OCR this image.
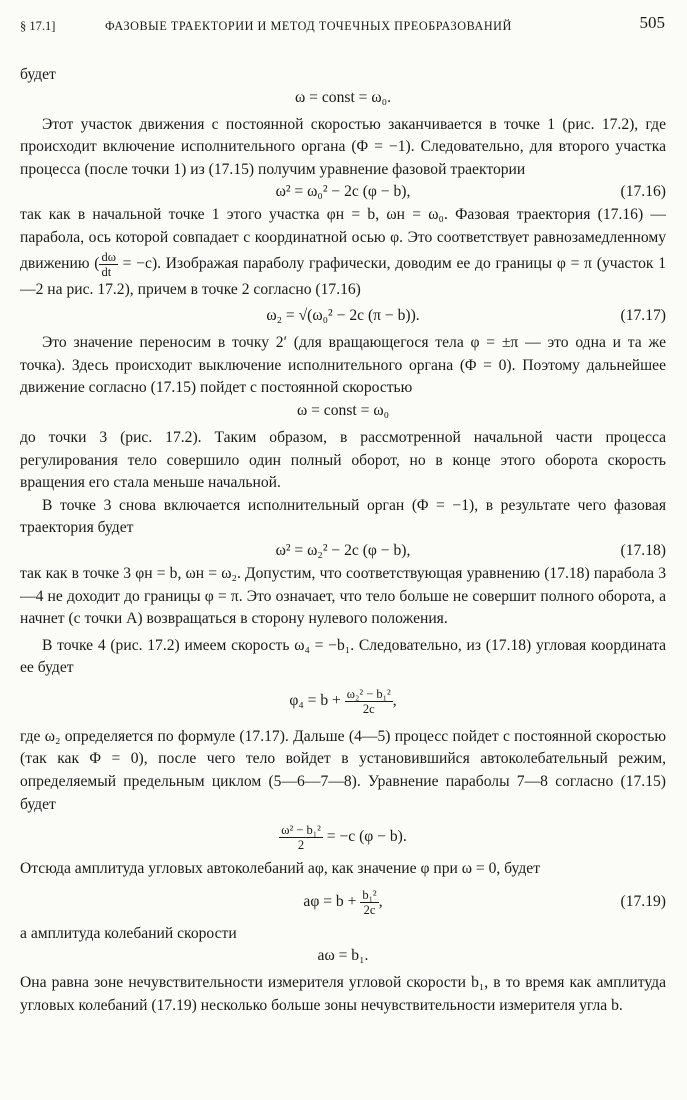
§ 17.1]	ФАЗОВЫЕ ТРАЕКТОРИИ И МЕТОД ТОЧЕЧНЫХ ПРЕОБРАЗОВАНИЙ	505

будет

ω = const = ω₀.

Этот участок движения с постоянной скоростью заканчивается в точке 1 (рис. 17.2), где происходит включение исполнительного органа (Φ = −1). Следовательно, для второго участка процесса (после точки 1) из (17.15) получим уравнение фазовой траектории

ω² = ω₀² − 2c (φ − b),	(17.16)

так как в начальной точке 1 этого участка φн = b, ωн = ω₀. Фазовая траектория (17.16) — парабола, ось которой совпадает с координатной осью φ. Это соответствует равнозамедленному движению ( $\frac{d\omega}{dt} = -c$). Изображая параболу графически, доводим ее до границы φ = π (участок 1—2 на рис. 17.2), причем в точке 2 согласно (17.16)

ω₂ = √(ω₀² − 2c (π − b)).	(17.17)

Это значение переносим в точку 2′ (для вращающегося тела φ = ±π — это одна и та же точка). Здесь происходит выключение исполнительного органа (Φ = 0). Поэтому дальнейшее движение согласно (17.15) пойдет с постоянной скоростью

ω = const = ω₀

до точки 3 (рис. 17.2). Таким образом, в рассмотренной начальной части процесса регулирования тело совершило один полный оборот, но в конце этого оборота скорость вращения его стала меньше начальной.

В точке 3 снова включается исполнительный орган (Φ = −1), в результате чего фазовая траектория будет

ω² = ω₂² − 2c (φ − b),	(17.18)

так как в точке 3 φн = b, ωн = ω₂. Допустим, что соответствующая уравнению (17.18) парабола 3—4 не доходит до границы φ = π. Это означает, что тело больше не совершит полного оборота, а начнет (с точки A) возвращаться в сторону нулевого положения.

В точке 4 (рис. 17.2) имеем скорость ω₄ = −b₁. Следовательно, из (17.18) угловая координата ее будет

$\varphi_4 = b + \frac{\text{ω₂² − b₁²}}{2c}$ ,

где ω₂ определяется по формуле (17.17). Дальше (4—5) процесс пойдет с постоянной скоростью (так как Φ = 0), после чего тело войдет в установившийся автоколебательный режим, определяемый предельным циклом (5—6—7—8). Уравнение параболы 7—8 согласно (17.15) будет

$\frac{\text{ω² − b₁²}}{2} = -c$ (φ − b).

Отсюда амплитуда угловых автоколебаний aφ, как значение φ при ω = 0, будет

$a\varphi = b + \frac{\text{b₁²}}{2c}$ ,	(17.19)

а амплитуда колебаний скорости

aω = b₁.

Она равна зоне нечувствительности измерителя угловой скорости b₁, в то время как амплитуда угловых колебаний (17.19) несколько больше зоны нечувствительности измерителя угла b.
